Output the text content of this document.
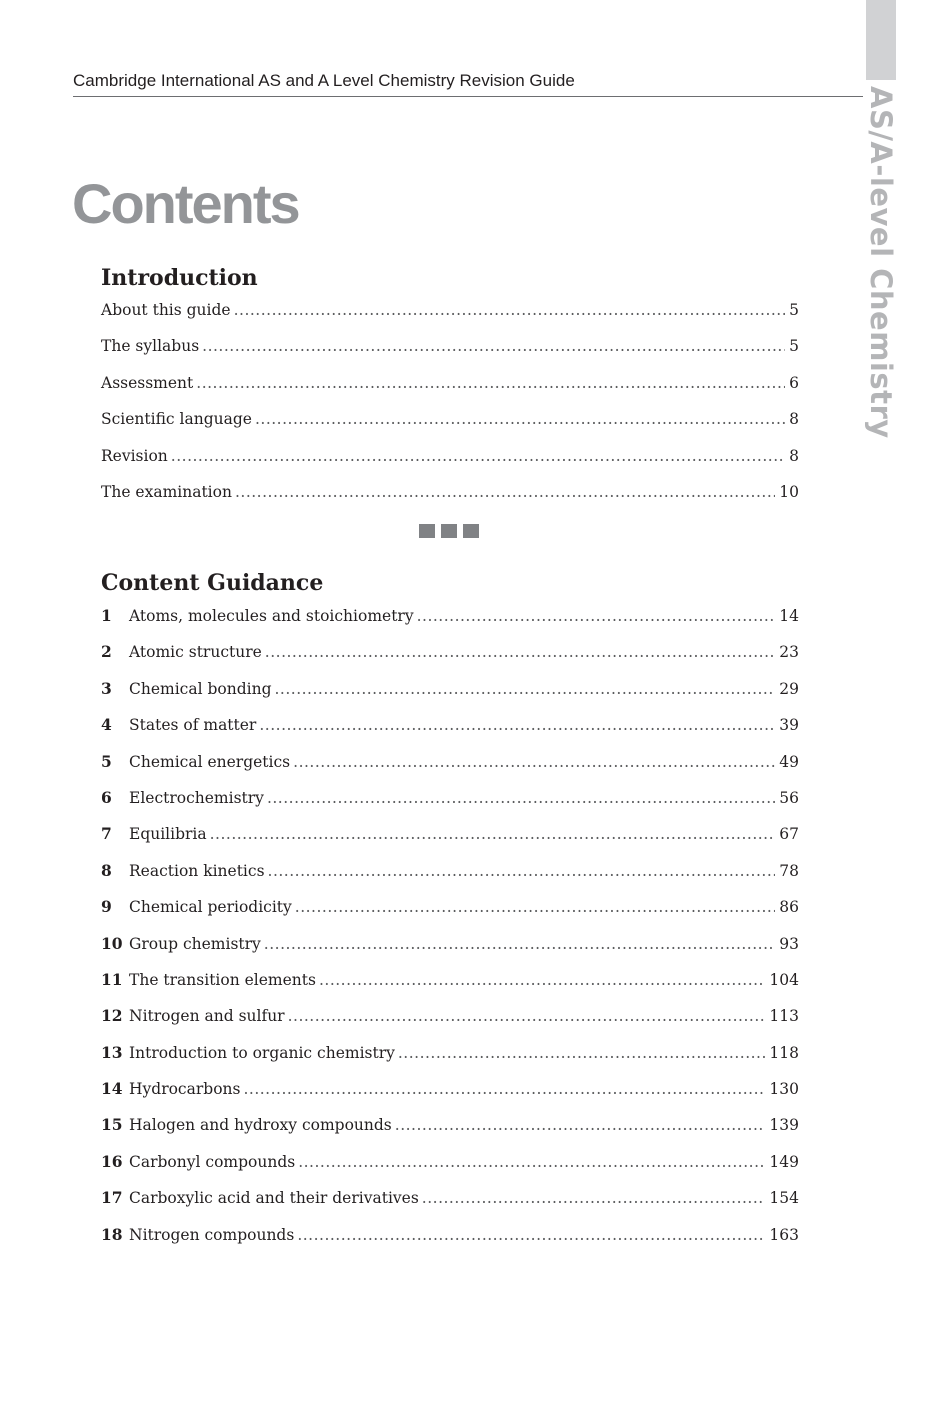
AS/A-level Chemistry
Cambridge International AS and A Level Chemistry Revision Guide
Contents
Introduction
About this guide .....	5
The syllabus .....	5
Assessment .....	6
Scientific language .....	8
Revision .....	8
The examination .....	10
Content Guidance
1	Atoms, molecules and stoichiometry .....	14
2	Atomic structure .....	23
3	Chemical bonding .....	29
4	States of matter .....	39
5	Chemical energetics .....	49
6	Electrochemistry .....	56
7	Equilibria .....	67
8	Reaction kinetics .....	78
9	Chemical periodicity .....	86
10 Group chemistry .....	93
11 The transition elements .....	104
12 Nitrogen and sulfur .....	113
13 Introduction to organic chemistry .....	118
14 Hydrocarbons .....	130
15 Halogen and hydroxy compounds .....	139
16 Carbonyl compounds .....	149
17 Carboxylic acid and their derivatives .....	154
18 Nitrogen compounds .....	163
